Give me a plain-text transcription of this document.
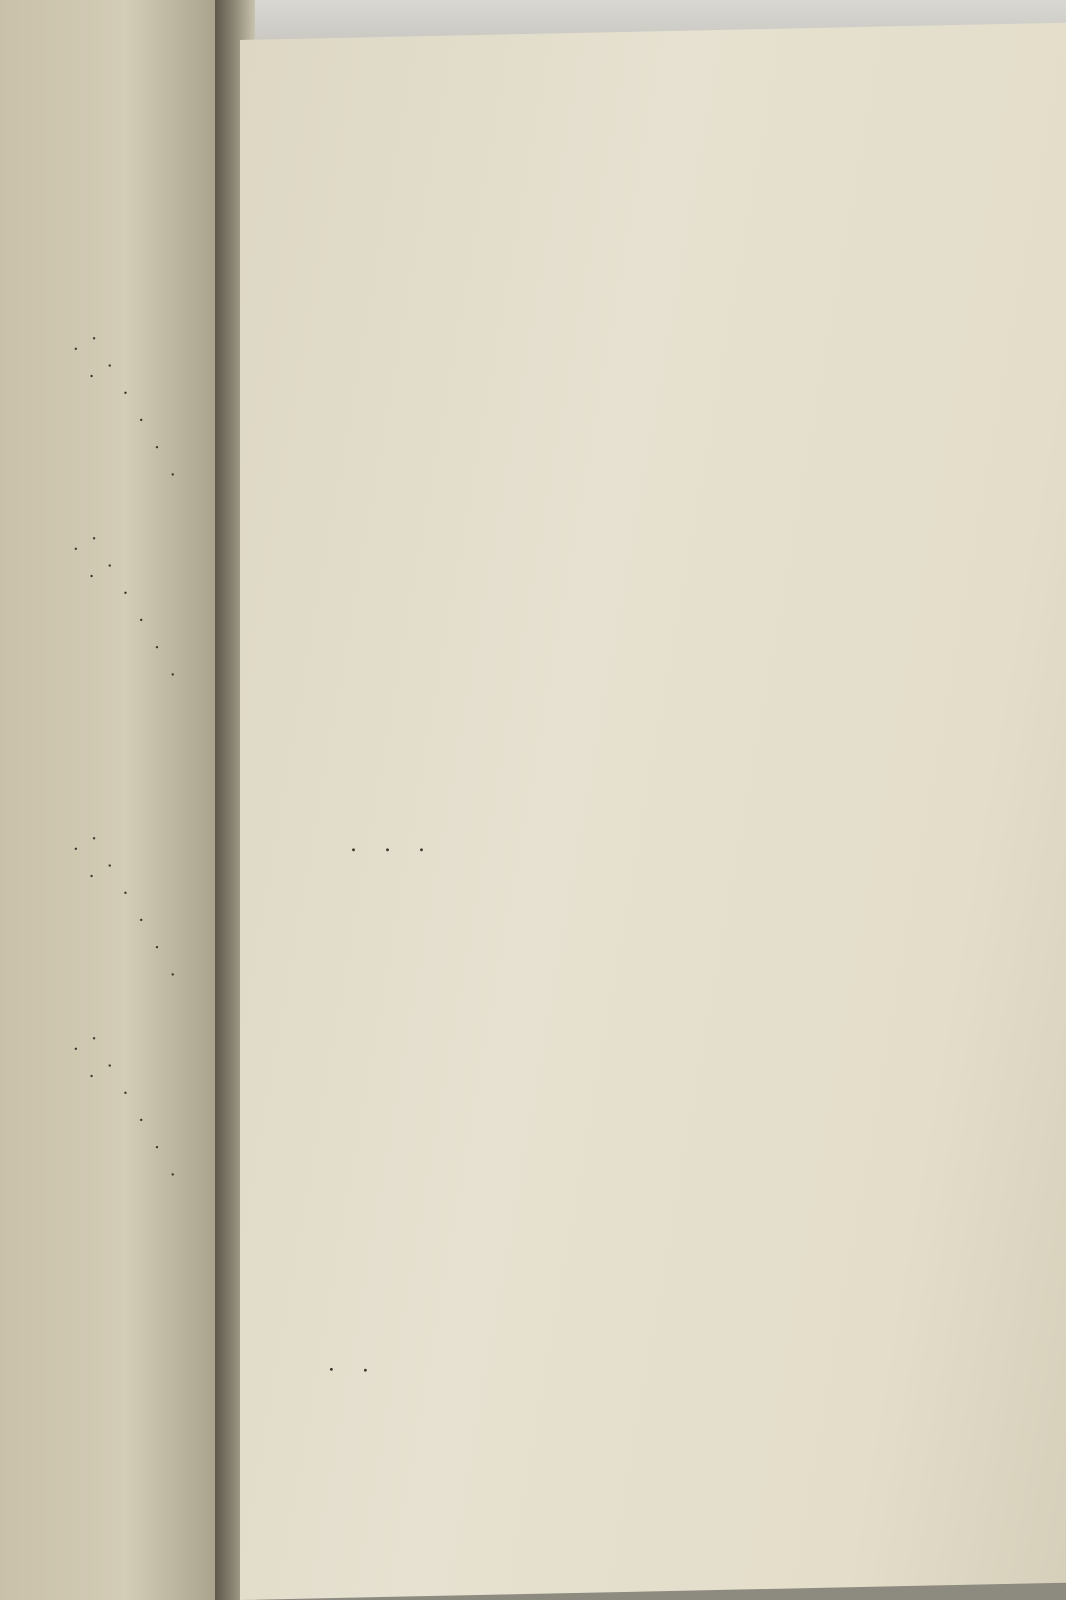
. . . . . . . .
. . . . . . . .
. . . . . . . .
. . . . . . . .
. . .
. .
